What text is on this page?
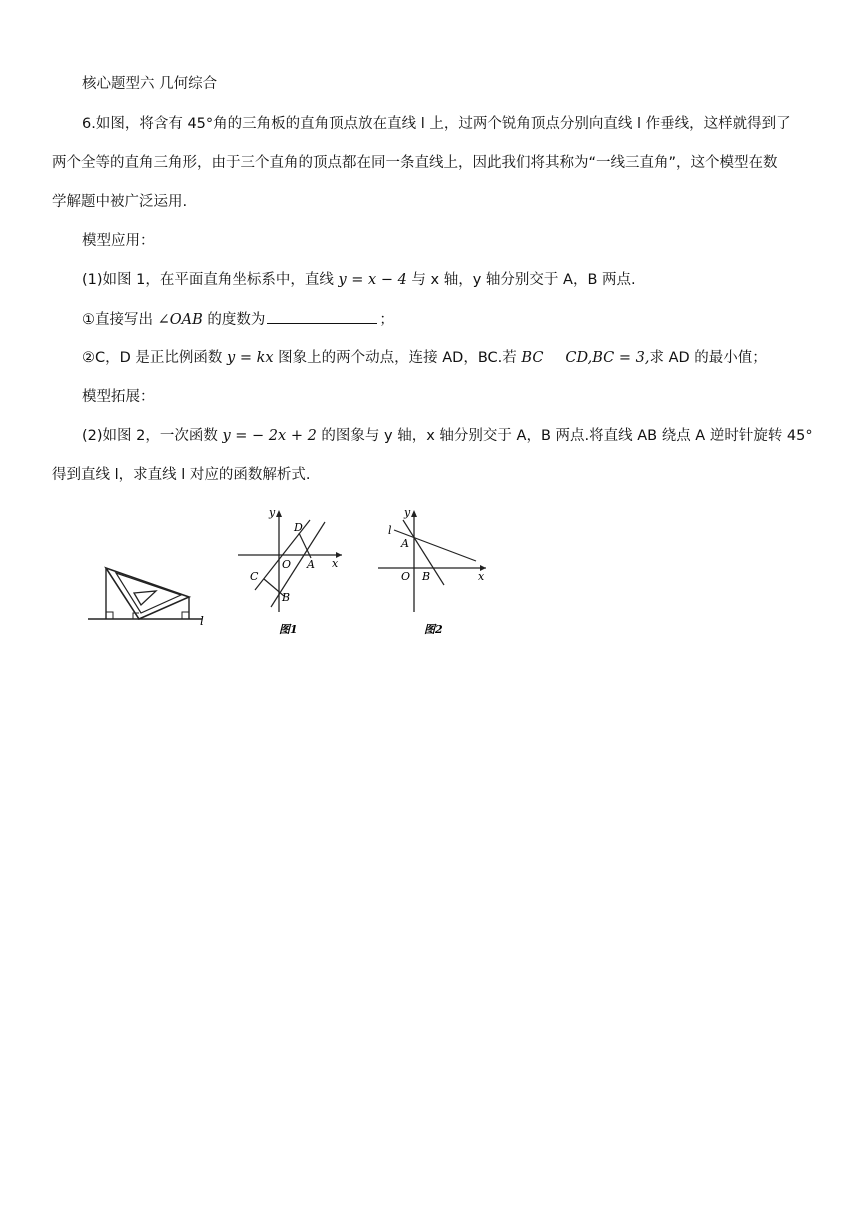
核心题型六 几何综合
6.如图，将含有 45°角的三角板的直角顶点放在直线 l 上，过两个锐角顶点分别向直线 l 作垂线，这样就得到了
两个全等的直角三角形，由于三个直角的顶点都在同一条直线上，因此我们将其称为“一线三直角”，这个模型在数
学解题中被广泛运用.
模型应用：
(1)如图 1，在平面直角坐标系中，直线 y = x − 4 与 x 轴，y 轴分别交于 A，B 两点.
①直接写出 ∠OAB 的度数为	；
②C，D 是正比例函数 y = kx 图象上的两个动点，连接 AD，BC.若 BC CD,BC = 3,求 AD 的最小值；
模型拓展：
(2)如图 2，一次函数 y = − 2x + 2 的图象与 y 轴，x 轴分别交于 A，B 两点.将直线 AB 绕点 A 逆时针旋转 45°
得到直线 l，求直线 l 对应的函数解析式.
l
y
x
O A
B
C
D
图1
y
x
O B
A
l
图2
